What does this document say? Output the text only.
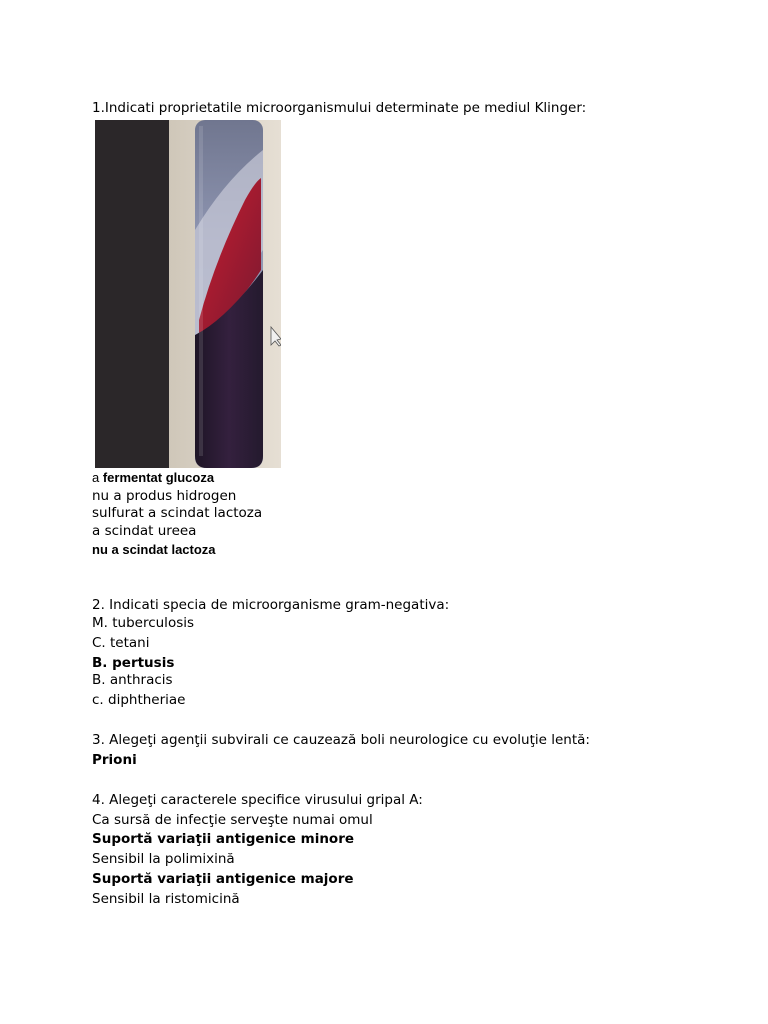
1.Indicati proprietatile microorganismului determinate pe mediul Klinger:
a fermentat glucoza
nu a produs hidrogen
sulfurat a scindat lactoza
a scindat ureea
nu a scindat lactoza
2. Indicati specia de microorganisme gram-negativa:
M. tuberculosis
C. tetani
B. pertusis
B. anthracis
c. diphtheriae
3. Alegeţi agenţii subvirali ce cauzează boli neurologice cu evoluţie lentă:
Prioni
4. Alegeţi caracterele specifice virusului gripal A:
Ca sursă de infecţie serveşte numai omul
Suportă variaţii antigenice minore
Sensibil la polimixină
Suportă variaţii antigenice majore
Sensibil la ristomicină
